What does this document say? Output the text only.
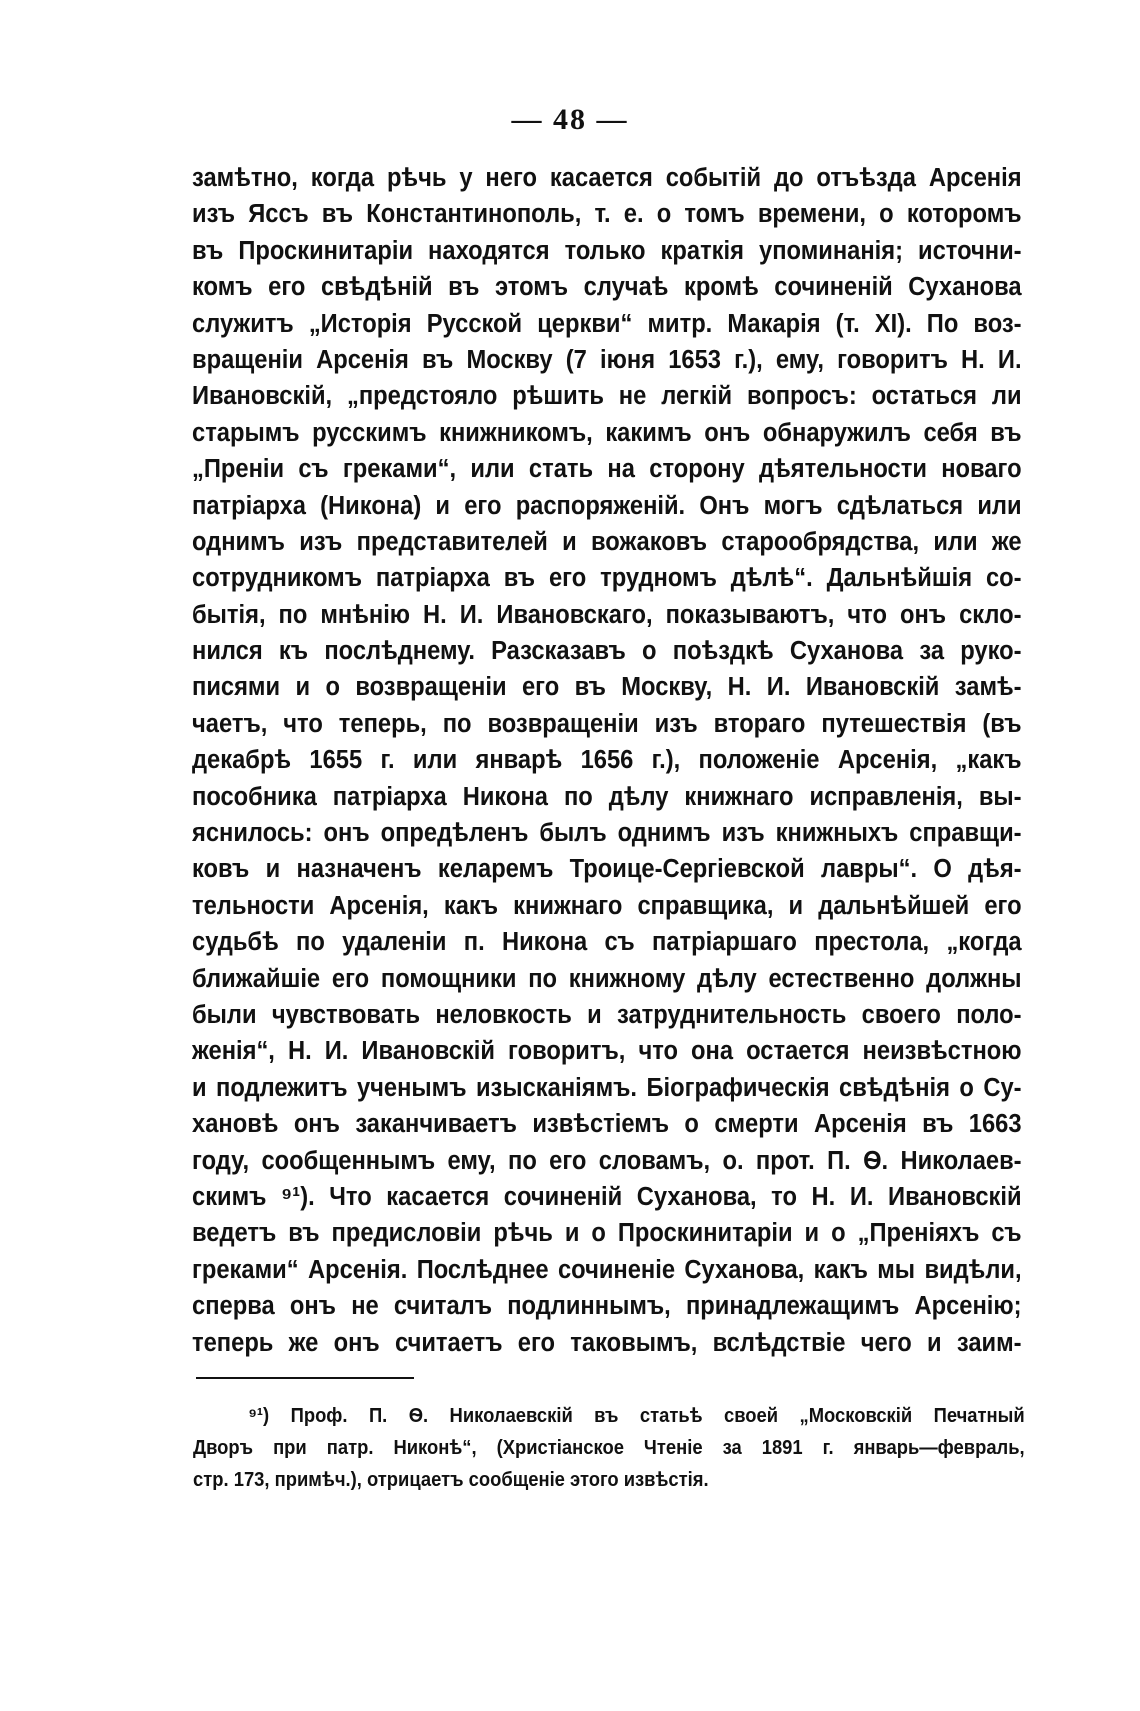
— 48 —
замѣтно, когда рѣчь у него касается событій до отъѣзда Арсенія
изъ Яссъ въ Константинополь, т. е. о томъ времени, о которомъ
въ Проскинитаріи находятся только краткія упоминанія; источни-
комъ его свѣдѣній въ этомъ случаѣ кромѣ сочиненій Суханова
служитъ „Исторія Русской церкви“ митр. Макарія (т. XI). По воз-
вращеніи Арсенія въ Москву (7 іюня 1653 г.), ему, говоритъ Н. И.
Ивановскій, „предстояло рѣшить не легкій вопросъ: остаться ли
старымъ русскимъ книжникомъ, какимъ онъ обнаружилъ себя въ
„Преніи съ греками“, или стать на сторону дѣятельности новаго
патріарха (Никона) и его распоряженій. Онъ могъ сдѣлаться или
однимъ изъ представителей и вожаковъ старообрядства, или же
сотрудникомъ патріарха въ его трудномъ дѣлѣ“. Дальнѣйшія со-
бытія, по мнѣнію Н. И. Ивановскаго, показываютъ, что онъ скло-
нился къ послѣднему. Разсказавъ о поѣздкѣ Суханова за руко-
писями и о возвращеніи его въ Москву, Н. И. Ивановскій замѣ-
чаетъ, что теперь, по возвращеніи изъ втораго путешествія (въ
декабрѣ 1655 г. или январѣ 1656 г.), положеніе Арсенія, „какъ
пособника патріарха Никона по дѣлу книжнаго исправленія, вы-
яснилось: онъ опредѣленъ былъ однимъ изъ книжныхъ справщи-
ковъ и назначенъ келаремъ Троице-Сергіевской лавры“. О дѣя-
тельности Арсенія, какъ книжнаго справщика, и дальнѣйшей его
судьбѣ по удаленіи п. Никона съ патріаршаго престола, „когда
ближайшіе его помощники по книжному дѣлу естественно должны
были чувствовать неловкость и затруднительность своего поло-
женія“, Н. И. Ивановскій говоритъ, что она остается неизвѣстною
и подлежитъ ученымъ изысканіямъ. Біографическія свѣдѣнія о Су-
хановѣ онъ заканчиваетъ извѣстіемъ о смерти Арсенія въ 1663
году, сообщеннымъ ему, по его словамъ, о. прот. П. Ѳ. Николаев-
скимъ ⁹¹). Что касается сочиненій Суханова, то Н. И. Ивановскій
ведетъ въ предисловіи рѣчь и о Проскинитаріи и о „Преніяхъ съ
греками“ Арсенія. Послѣднее сочиненіе Суханова, какъ мы видѣли,
сперва онъ не считалъ подлиннымъ, принадлежащимъ Арсенію;
теперь же онъ считаетъ его таковымъ, вслѣдствіе чего и заим-
⁹¹) Проф. П. Ѳ. Николаевскій въ статьѣ своей „Московскій Печатный
Дворъ при патр. Никонѣ“, (Христіанское Чтеніе за 1891 г. январь—февраль,
стр. 173, примѣч.), отрицаетъ сообщеніе этого извѣстія.
